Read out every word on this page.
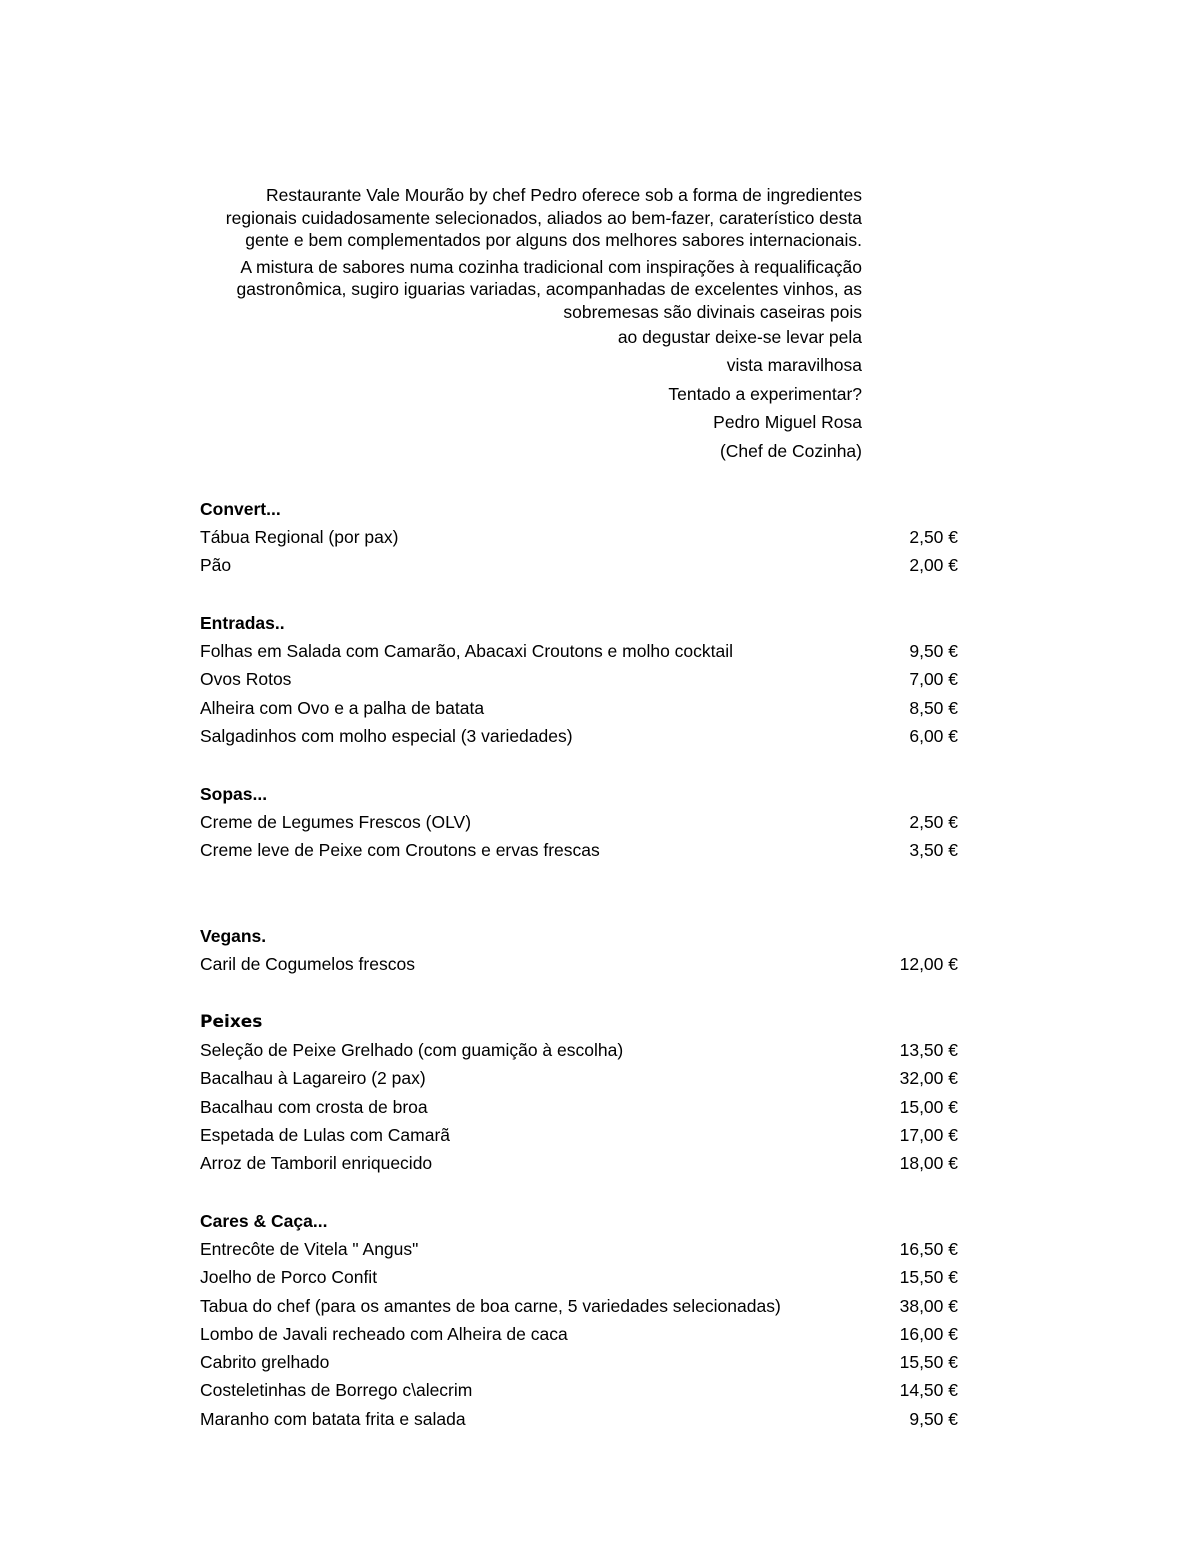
Restaurante Vale Mourão by chef Pedro oferece sob a forma de ingredientes regionais cuidadosamente selecionados, aliados ao bem-fazer, caraterístico desta gente e bem complementados por alguns dos melhores sabores internacionais.

A mistura de sabores numa cozinha tradicional com inspirações à requalificação gastronômica, sugiro iguarias variadas, acompanhadas de excelentes vinhos, as sobremesas são divinais caseiras pois

ao degustar deixe-se levar pela
vista maravilhosa
Tentado a experimentar?
Pedro Miguel Rosa
(Chef de Cozinha)
Convert...
Tábua Regional (por pax)	2,50 €
Pão	2,00 €
Entradas..
Folhas em Salada com Camarão, Abacaxi Croutons e molho cocktail	9,50 €
Ovos Rotos	7,00 €
Alheira com Ovo e a palha de batata	8,50 €
Salgadinhos com molho especial (3 variedades)	6,00 €
Sopas...
Creme de Legumes Frescos (OLV)	2,50 €
Creme leve de Peixe com Croutons e ervas frescas	3,50 €
Vegans.
Caril de Cogumelos frescos	12,00 €
Peixes
Seleção de Peixe Grelhado (com guamição à escolha)	13,50 €
Bacalhau à Lagareiro (2 pax)	32,00 €
Bacalhau com crosta de broa	15,00 €
Espetada de Lulas com Camarã	17,00 €
Arroz de Tamboril enriquecido	18,00 €
Cares & Caça...
Entrecôte de Vitela " Angus"	16,50 €
Joelho de Porco Confit	15,50 €
Tabua do chef (para os amantes de boa carne, 5 variedades selecionadas)	38,00 €
Lombo de Javali recheado com Alheira de caca	16,00 €
Cabrito grelhado	15,50 €
Costeletinhas de Borrego c\alecrim	14,50 €
Maranho com batata frita e salada	9,50 €
